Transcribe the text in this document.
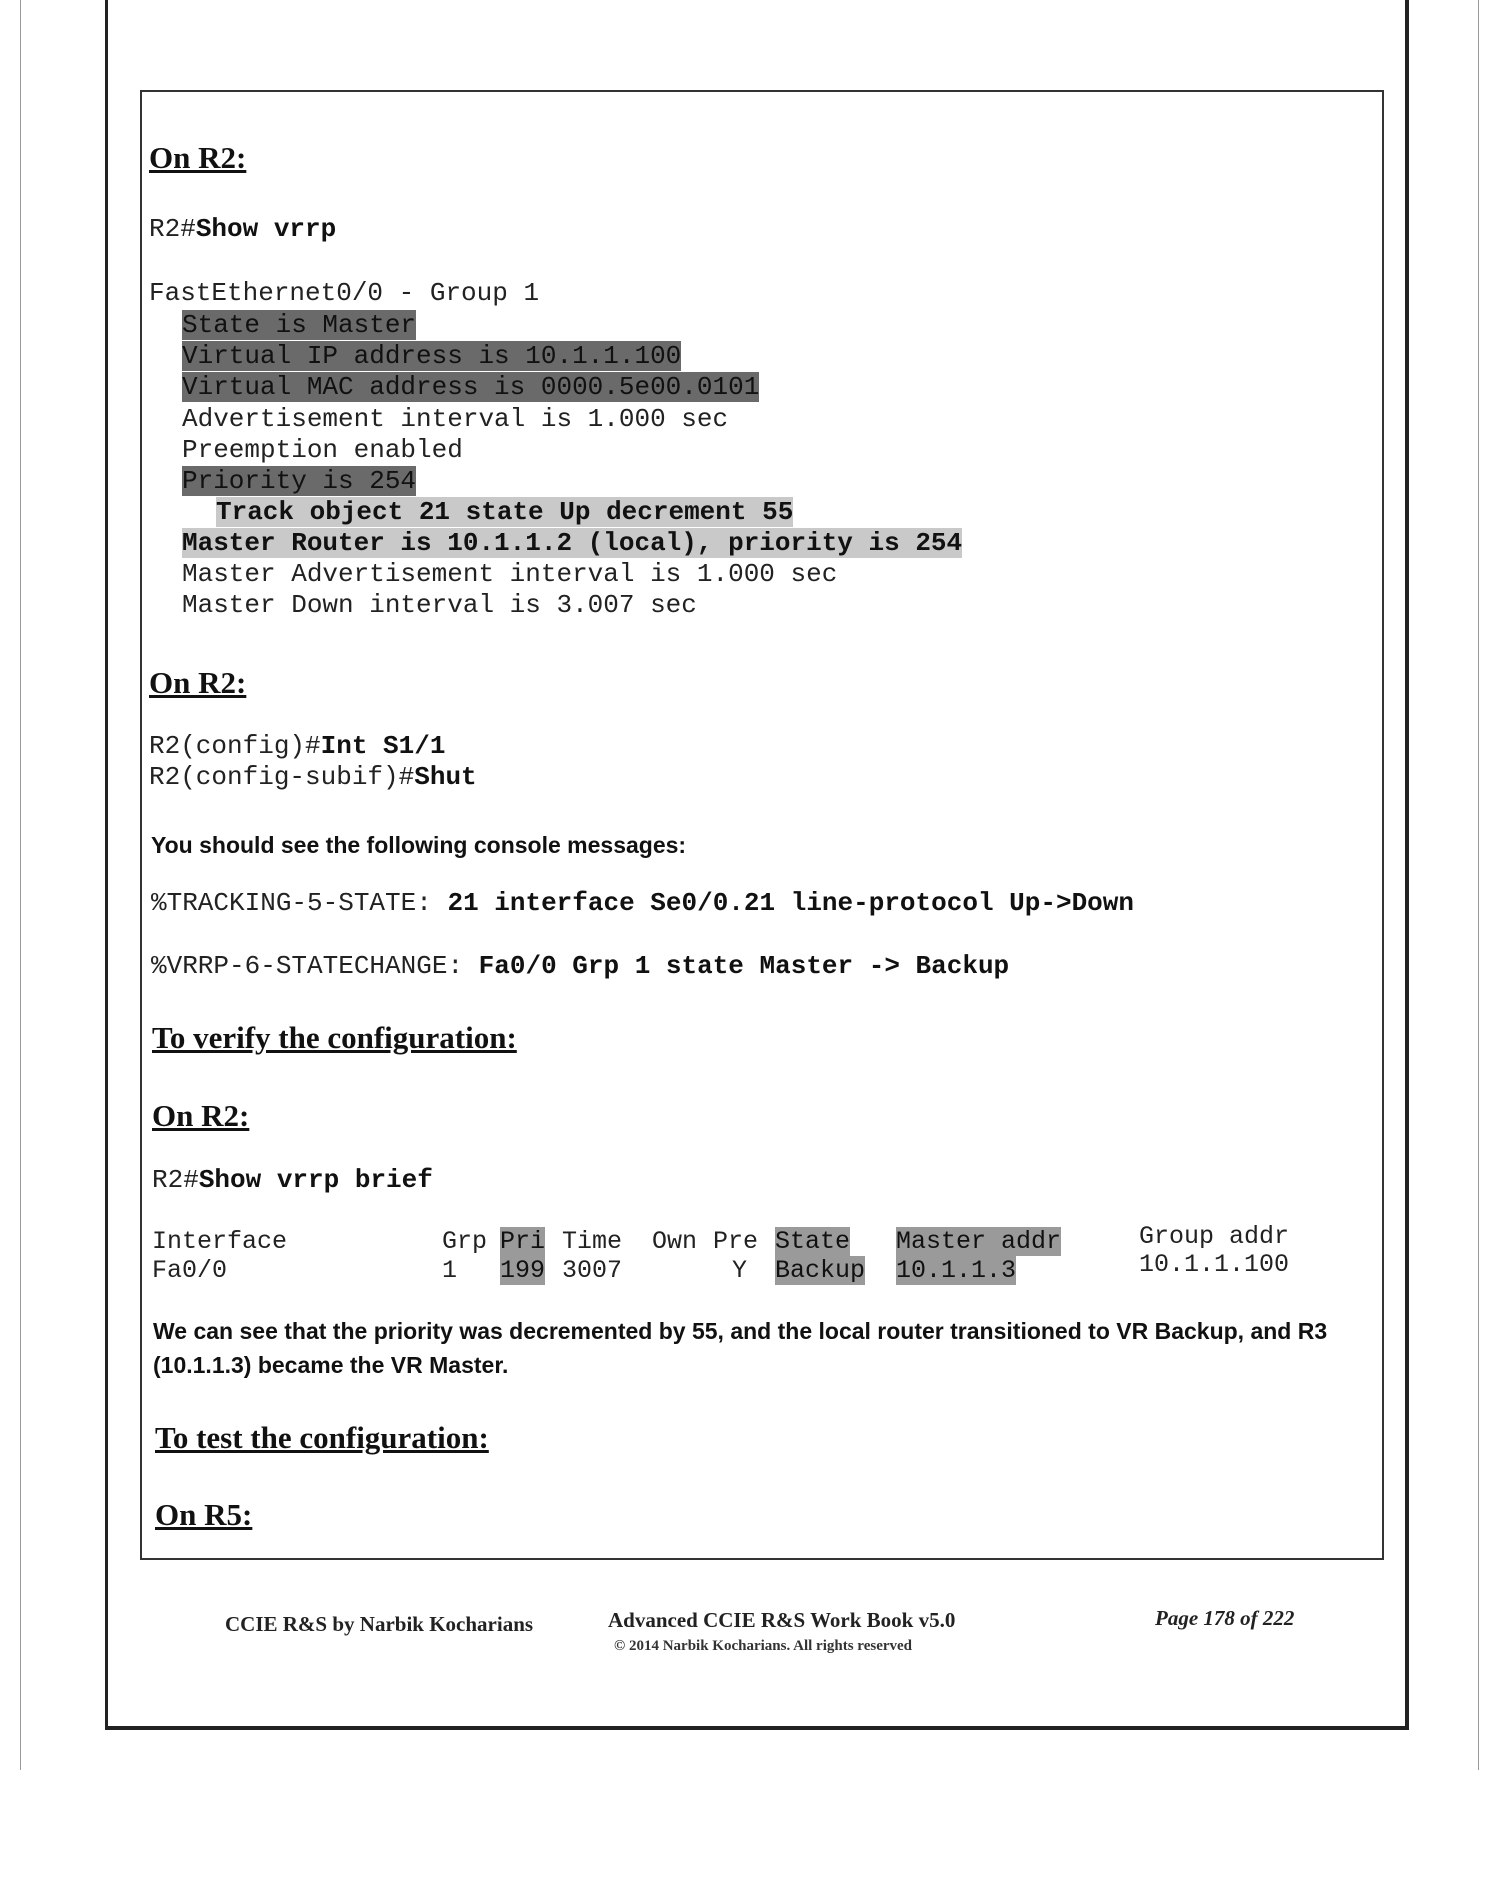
On R2:
R2#Show vrrp
FastEthernet0/0 - Group 1
State is Master
Virtual IP address is 10.1.1.100
Virtual MAC address is 0000.5e00.0101
Advertisement interval is 1.000 sec
Preemption enabled
Priority is 254
Track object 21 state Up decrement 55
Master Router is 10.1.1.2 (local), priority is 254
Master Advertisement interval is 1.000 sec
Master Down interval is 3.007 sec
On R2:
R2(config)#Int S1/1
R2(config-subif)#Shut
You should see the following console messages:
%TRACKING-5-STATE: 21 interface Se0/0.21 line-protocol Up->Down
%VRRP-6-STATECHANGE: Fa0/0 Grp 1 state Master -> Backup
To verify the configuration:
On R2:
R2#Show vrrp brief
Interface	Grp Pri Time Own Pre State Master addr	Group addr
Fa0/0	1 199 3007	Y Backup 10.1.1.3	10.1.1.100
We can see that the priority was decremented by 55, and the local router transitioned to VR Backup, and R3 (10.1.1.3) became the VR Master.
To test the configuration:
On R5:
CCIE R&S by Narbik Kocharians	Advanced CCIE R&S Work Book v5.0
© 2014 Narbik Kocharians. All rights reserved
Page 178 of 222
